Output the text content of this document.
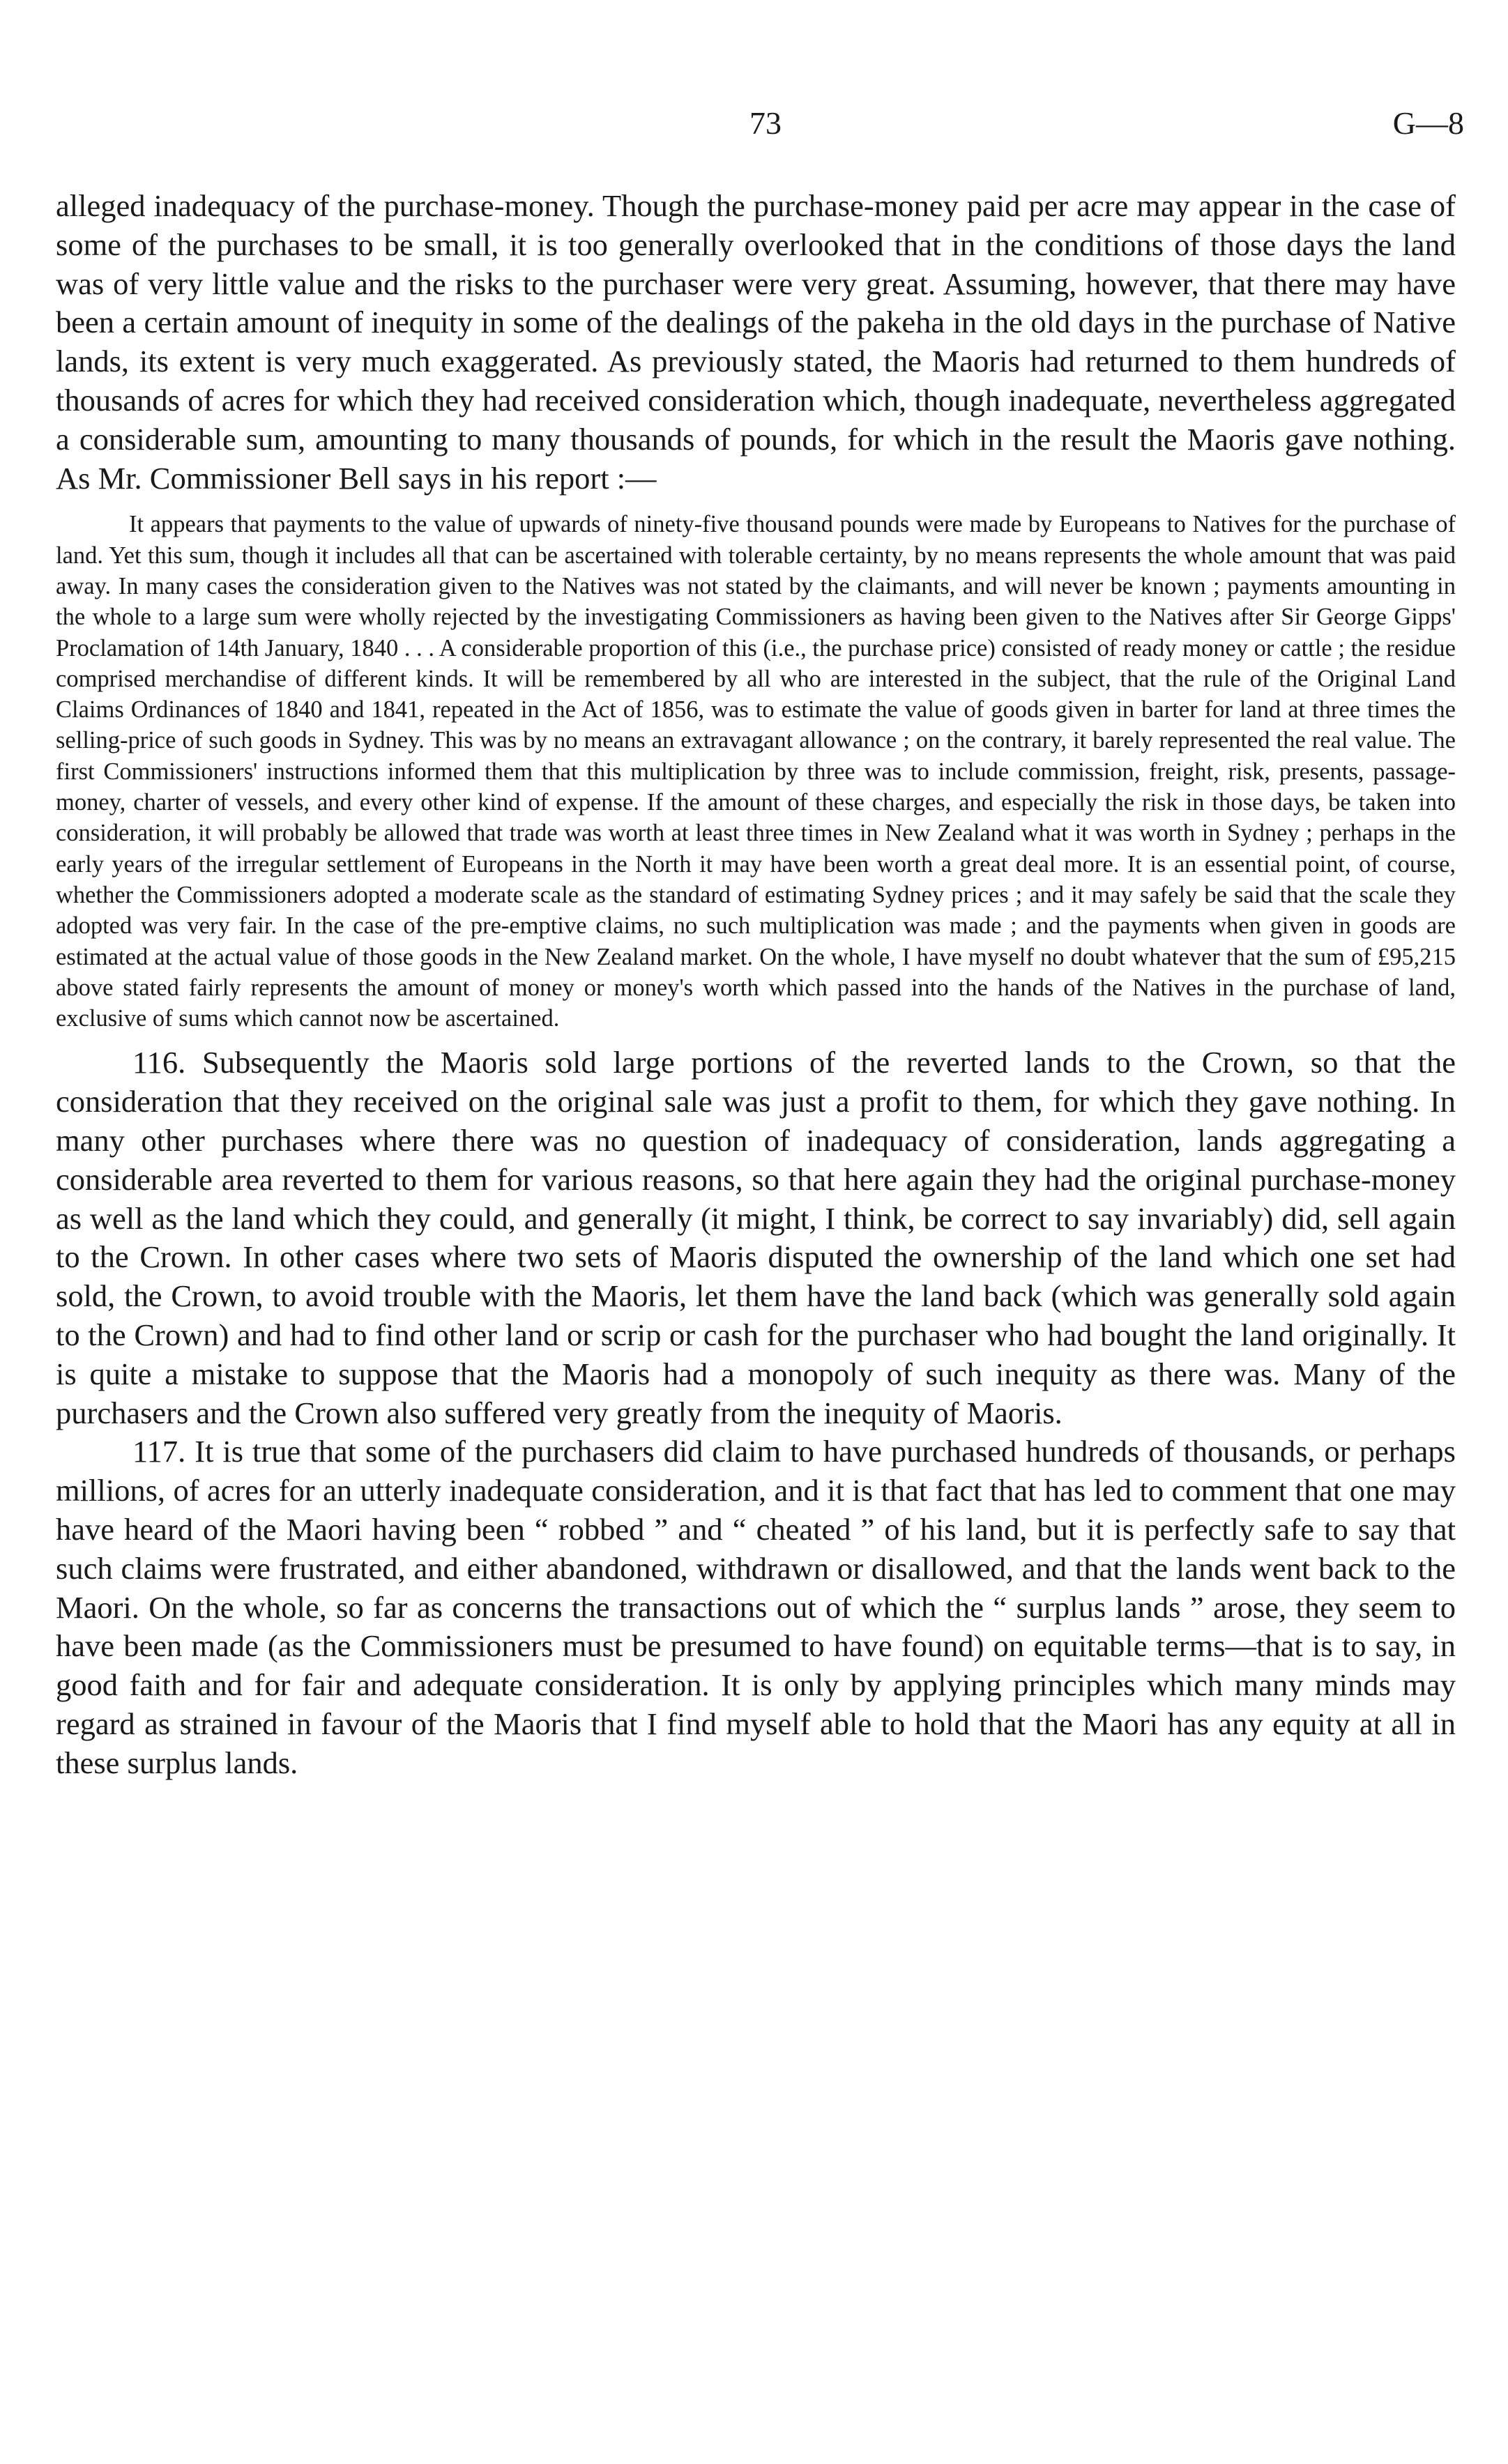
73	G—8

alleged inadequacy of the purchase-money. Though the purchase-money paid per acre may appear in the case of some of the purchases to be small, it is too generally overlooked that in the conditions of those days the land was of very little value and the risks to the purchaser were very great. Assuming, however, that there may have been a certain amount of inequity in some of the dealings of the pakeha in the old days in the purchase of Native lands, its extent is very much exaggerated. As previously stated, the Maoris had returned to them hundreds of thousands of acres for which they had received consideration which, though inadequate, nevertheless aggregated a considerable sum, amounting to many thousands of pounds, for which in the result the Maoris gave nothing. As Mr. Commissioner Bell says in his report :—

It appears that payments to the value of upwards of ninety-five thousand pounds were made by Europeans to Natives for the purchase of land. Yet this sum, though it includes all that can be ascertained with tolerable certainty, by no means represents the whole amount that was paid away. In many cases the consideration given to the Natives was not stated by the claimants, and will never be known ; payments amounting in the whole to a large sum were wholly rejected by the investigating Commissioners as having been given to the Natives after Sir George Gipps' Proclamation of 14th January, 1840 . . . A considerable proportion of this (i.e., the purchase price) consisted of ready money or cattle ; the residue comprised merchandise of different kinds. It will be remembered by all who are interested in the subject, that the rule of the Original Land Claims Ordinances of 1840 and 1841, repeated in the Act of 1856, was to estimate the value of goods given in barter for land at three times the selling-price of such goods in Sydney. This was by no means an extravagant allowance ; on the contrary, it barely represented the real value. The first Commissioners' instructions informed them that this multiplication by three was to include commission, freight, risk, presents, passage-money, charter of vessels, and every other kind of expense. If the amount of these charges, and especially the risk in those days, be taken into consideration, it will probably be allowed that trade was worth at least three times in New Zealand what it was worth in Sydney ; perhaps in the early years of the irregular settlement of Europeans in the North it may have been worth a great deal more. It is an essential point, of course, whether the Commissioners adopted a moderate scale as the standard of estimating Sydney prices ; and it may safely be said that the scale they adopted was very fair. In the case of the pre-emptive claims, no such multiplication was made ; and the payments when given in goods are estimated at the actual value of those goods in the New Zealand market. On the whole, I have myself no doubt whatever that the sum of £95,215 above stated fairly represents the amount of money or money's worth which passed into the hands of the Natives in the purchase of land, exclusive of sums which cannot now be ascertained.

116. Subsequently the Maoris sold large portions of the reverted lands to the Crown, so that the consideration that they received on the original sale was just a profit to them, for which they gave nothing. In many other purchases where there was no question of inadequacy of consideration, lands aggregating a considerable area reverted to them for various reasons, so that here again they had the original purchase-money as well as the land which they could, and generally (it might, I think, be correct to say invariably) did, sell again to the Crown. In other cases where two sets of Maoris disputed the ownership of the land which one set had sold, the Crown, to avoid trouble with the Maoris, let them have the land back (which was generally sold again to the Crown) and had to find other land or scrip or cash for the purchaser who had bought the land originally. It is quite a mistake to suppose that the Maoris had a monopoly of such inequity as there was. Many of the purchasers and the Crown also suffered very greatly from the inequity of Maoris.

117. It is true that some of the purchasers did claim to have purchased hundreds of thousands, or perhaps millions, of acres for an utterly inadequate consideration, and it is that fact that has led to comment that one may have heard of the Maori having been “ robbed ” and “ cheated ” of his land, but it is perfectly safe to say that such claims were frustrated, and either abandoned, withdrawn or disallowed, and that the lands went back to the Maori. On the whole, so far as concerns the transactions out of which the “ surplus lands ” arose, they seem to have been made (as the Commissioners must be presumed to have found) on equitable terms—that is to say, in good faith and for fair and adequate consideration. It is only by applying principles which many minds may regard as strained in favour of the Maoris that I find myself able to hold that the Maori has any equity at all in these surplus lands.
